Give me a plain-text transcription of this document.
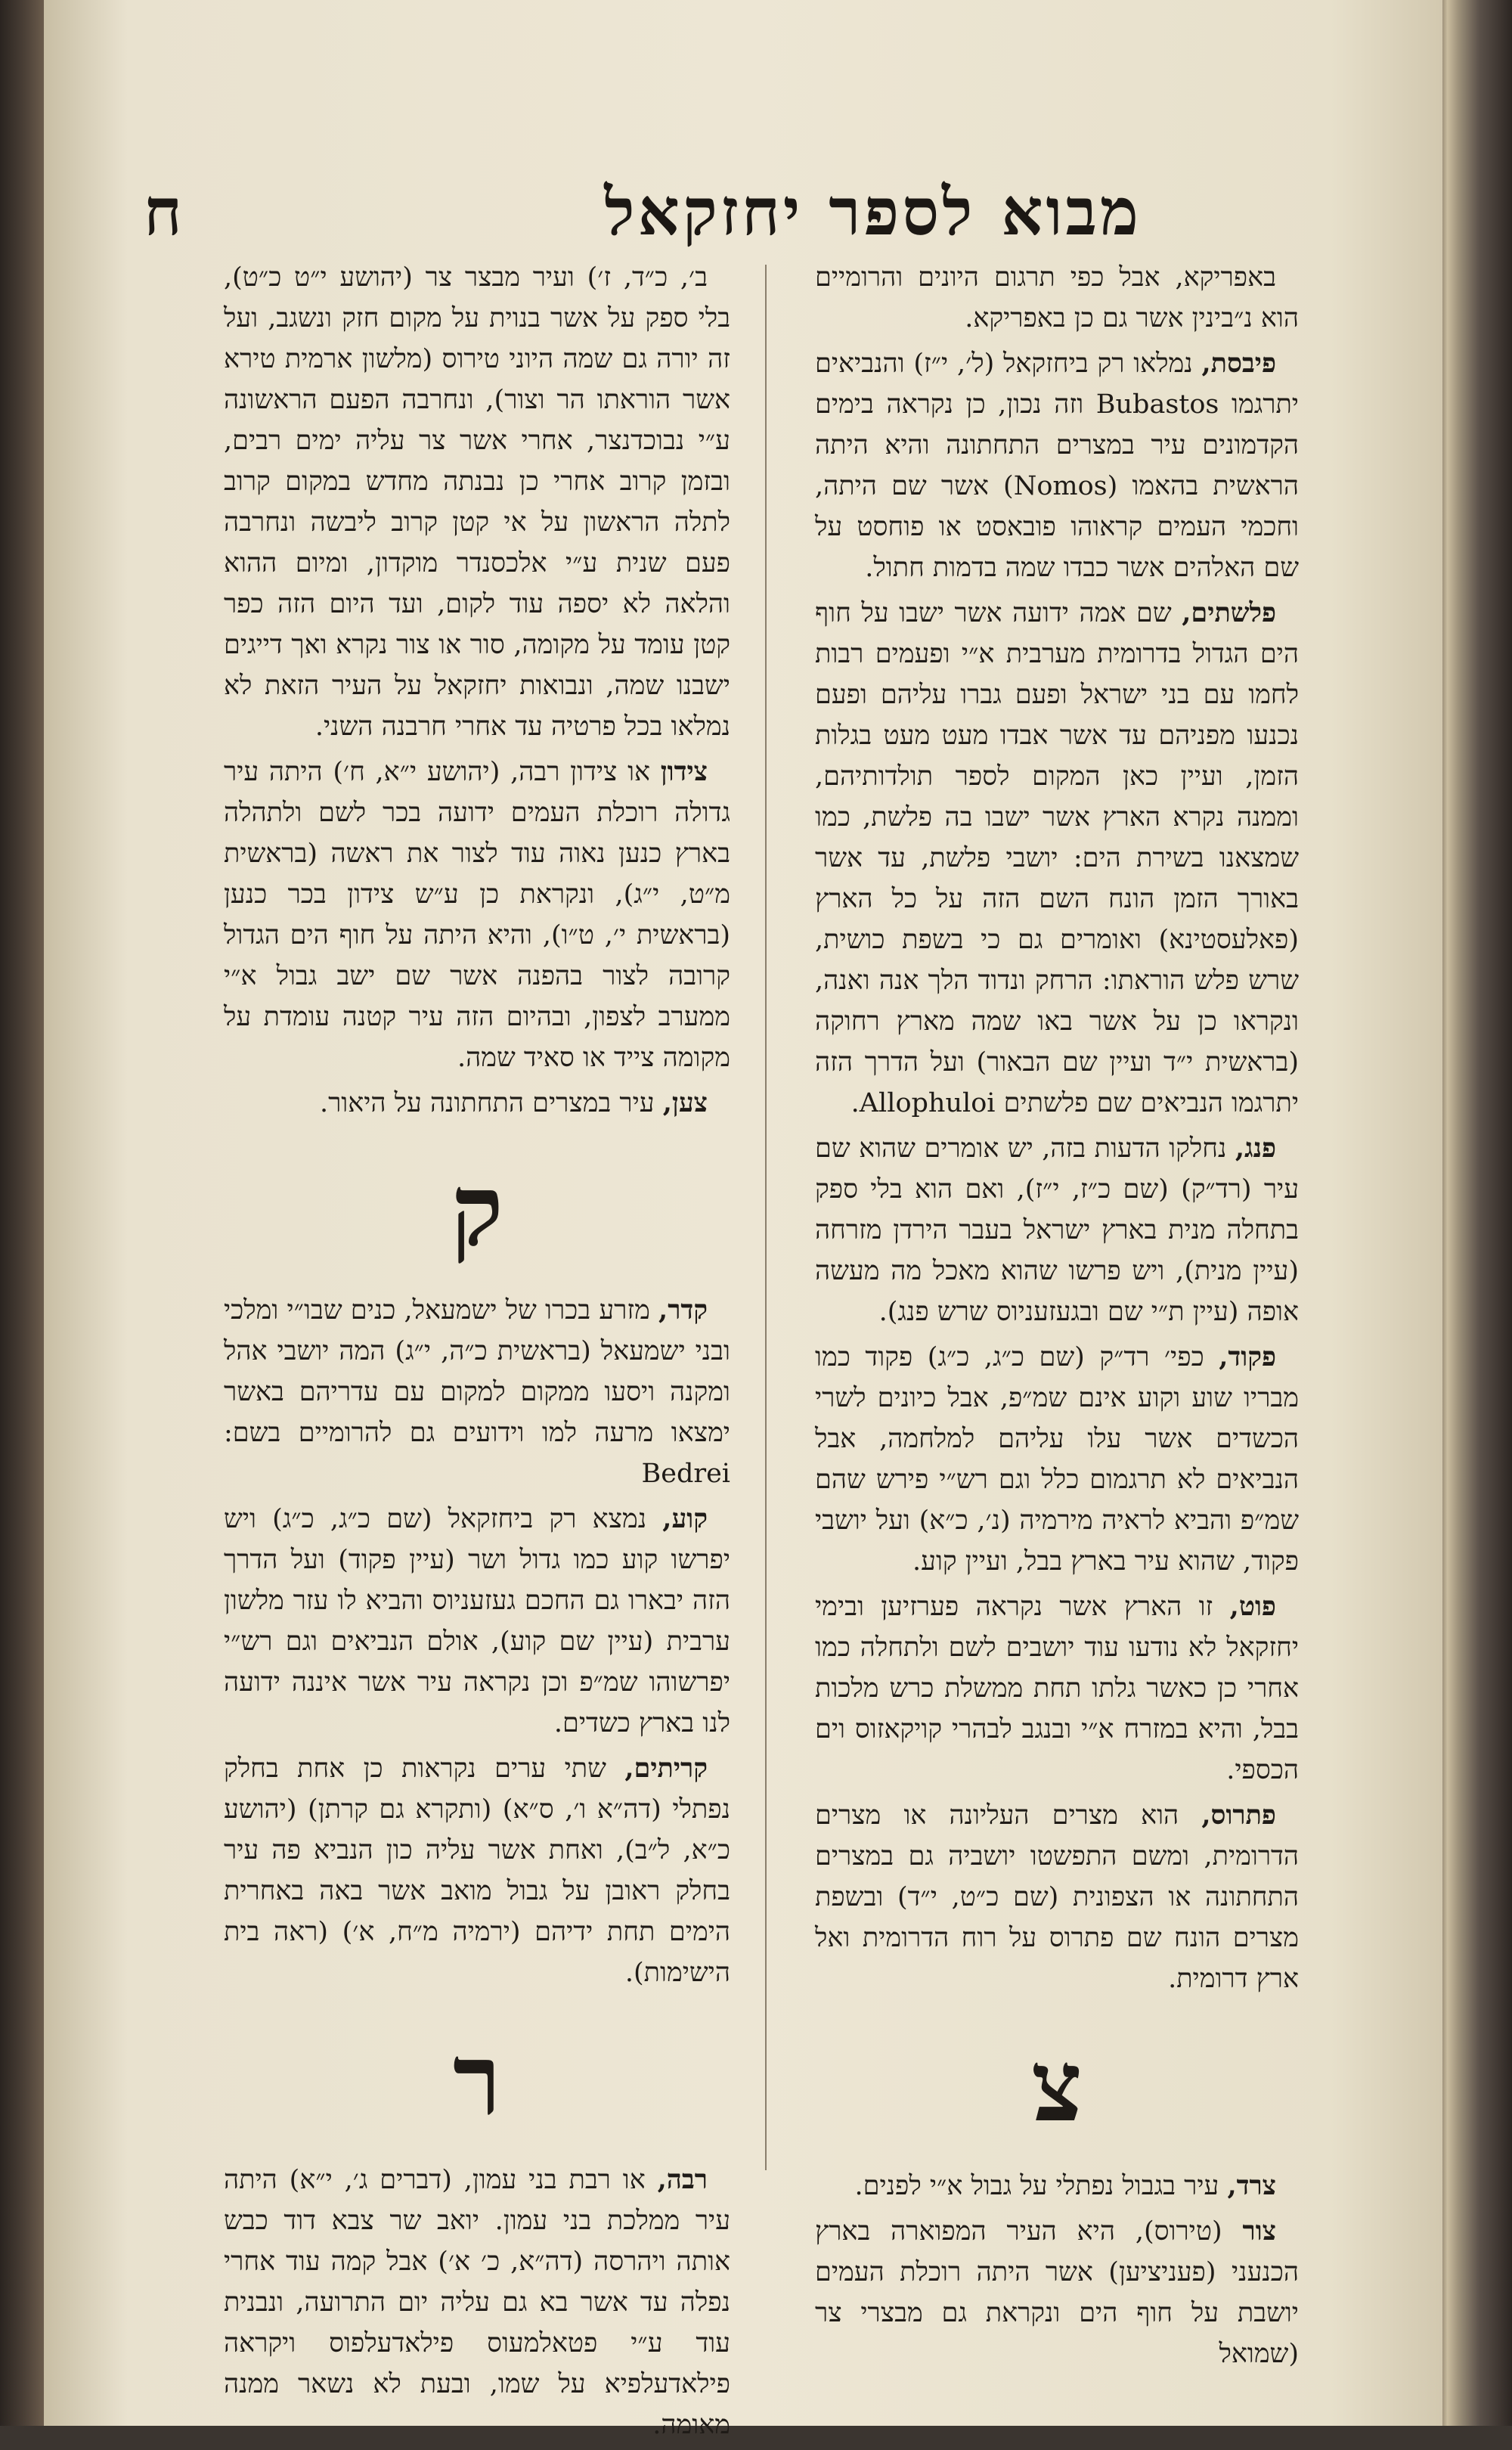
מבוא לספר יחזקאל
ח
באפריקא, אבל כפי תרגום היונים והרומיים הוא נ״בינין אשר גם כן באפריקא.
פיבסת, נמלאו רק ביחזקאל (ל׳, י״ז) והנביאים יתרגמו Bubastos וזה נכון, כן נקראה בימים הקדמונים עיר במצרים התחתונה והיא היתה הראשית בהאמו (Nomos) אשר שם היתה, וחכמי העמים קראוהו פובאסט או פוחסט על שם האלהים אשר כבדו שמה בדמות חתול.
פלשתים, שם אמה ידועה אשר ישבו על חוף הים הגדול בדרומית מערבית א״י ופעמים רבות לחמו עם בני ישראל ופעם גברו עליהם ופעם נכנעו מפניהם עד אשר אבדו מעט מעט בגלות הזמן, ועיין כאן המקום לספר תולדותיהם, וממנה נקרא הארץ אשר ישבו בה פלשת, כמו שמצאנו בשירת הים: יושבי פלשת, עד אשר באורך הזמן הונח השם הזה על כל הארץ (פאלעסטינא) ואומרים גם כי בשפת כושית, שרש פלש הוראתו: הרחק ונדוד הלך אנה ואנה, ונקראו כן על אשר באו שמה מארץ רחוקה (בראשית י״ד ועיין שם הבאור) ועל הדרך הזה יתרגמו הנביאים שם פלשתים Allophuloi.
פנג, נחלקו הדעות בזה, יש אומרים שהוא שם עיר (רד״ק) (שם כ״ז, י״ז), ואם הוא בלי ספק בתחלה מנית בארץ ישראל בעבר הירדן מזרחה (עיין מנית), ויש פרשו שהוא מאכל מה מעשה אופה (עיין ת״י שם ובגעזעניוס שרש פנג).
פקוד, כפי׳ רד״ק (שם כ״ג, כ״ג) פקוד כמו מבריו שוע וקוע אינם שמ״פ, אבל כיונים לשרי הכשדים אשר עלו עליהם למלחמה, אבל הנביאים לא תרגמום כלל וגם רש״י פירש שהם שמ״פ והביא לראיה מירמיה (נ׳, כ״א) ועל יושבי פקוד, שהוא עיר בארץ בבל, ועיין קוע.
פוט, זו הארץ אשר נקראה פערזיען ובימי יחזקאל לא נודעו עוד יושבים לשם ולתחלה כמו אחרי כן כאשר גלתו תחת ממשלת כרש מלכות בבל, והיא במזרח א״י ובנגב לבהרי קויקאזוס וים הכספי.
פתרוס, הוא מצרים העליונה או מצרים הדרומית, ומשם התפשטו יושביה גם במצרים התחתונה או הצפונית (שם כ״ט, י״ד) ובשפת מצרים הונח שם פתרוס על רוח הדרומית ואל ארץ דרומית.
צ
צרד, עיר בגבול נפתלי על גבול א״י לפנים.
צור (טירוס), היא העיר המפוארה בארץ הכנעני (פעניציען) אשר היתה רוכלת העמים יושבת על חוף הים ונקראת גם מבצרי צר (שמואל
ב׳, כ״ד, ז׳) ועיר מבצר צר (יהושע י״ט כ״ט), בלי ספק על אשר בנוית על מקום חזק ונשגב, ועל זה יורה גם שמה היוני טירוס (מלשון ארמית טירא אשר הוראתו הר וצור), ונחרבה הפעם הראשונה ע״י נבוכדנצר, אחרי אשר צר עליה ימים רבים, ובזמן קרוב אחרי כן נבנתה מחדש במקום קרוב לתלה הראשון על אי קטן קרוב ליבשה ונחרבה פעם שנית ע״י אלכסנדר מוקדון, ומיום ההוא והלאה לא יספה עוד לקום, ועד היום הזה כפר קטן עומד על מקומה, סור או צור נקרא ואך דייגים ישבנו שמה, ונבואות יחזקאל על העיר הזאת לא נמלאו בכל פרטיה עד אחרי חרבנה השני.
צידון או צידון רבה, (יהושע י״א, ח׳) היתה עיר גדולה רוכלת העמים ידועה בכר לשם ולתהלה בארץ כנען נאוה עוד לצור את ראשה (בראשית מ״ט, י״ג), ונקראת כן ע״ש צידון בכר כנען (בראשית י׳, ט״ו), והיא היתה על חוף הים הגדול קרובה לצור בהפנה אשר שם ישב גבול א״י ממערב לצפון, ובהיום הזה עיר קטנה עומדת על מקומה צייד או סאיד שמה.
צען, עיר במצרים התחתונה על היאור.
ק
קדר, מזרע בכרו של ישמעאל, כנים שבו״י ומלכי ובני ישמעאל (בראשית כ״ה, י״ג) המה יושבי אהל ומקנה ויסעו ממקום למקום עם עדריהם באשר ימצאו מרעה למו וידועים גם להרומיים בשם: Bedrei
קוע, נמצא רק ביחזקאל (שם כ״ג, כ״ג) ויש יפרשו קוע כמו גדול ושר (עיין פקוד) ועל הדרך הזה יבארו גם החכם געזעניוס והביא לו עזר מלשון ערבית (עיין שם קוע), אולם הנביאים וגם רש״י יפרשוהו שמ״פ וכן נקראה עיר אשר איננה ידועה לנו בארץ כשדים.
קריתים, שתי ערים נקראות כן אחת בחלק נפתלי (דה״א ו׳, ס״א) (ותקרא גם קרתן) (יהושע כ״א, ל״ב), ואחת אשר עליה כון הנביא פה עיר בחלק ראובן על גבול מואב אשר באה באחרית הימים תחת ידיהם (ירמיה מ״ח, א׳) (ראה בית הישימות).
ר
רבה, או רבת בני עמון, (דברים ג׳, י״א) היתה עיר ממלכת בני עמון. יואב שר צבא דוד כבש אותה ויהרסה (דה״א, כ׳ א׳) אבל קמה עוד אחרי נפלה עד אשר בא גם עליה יום התרועה, ונבנית עוד ע״י פטאלמעוס פילאדעלפוס ויקראה פילאדעלפיא על שמו, ובעת לא נשאר ממנה מאומה.
